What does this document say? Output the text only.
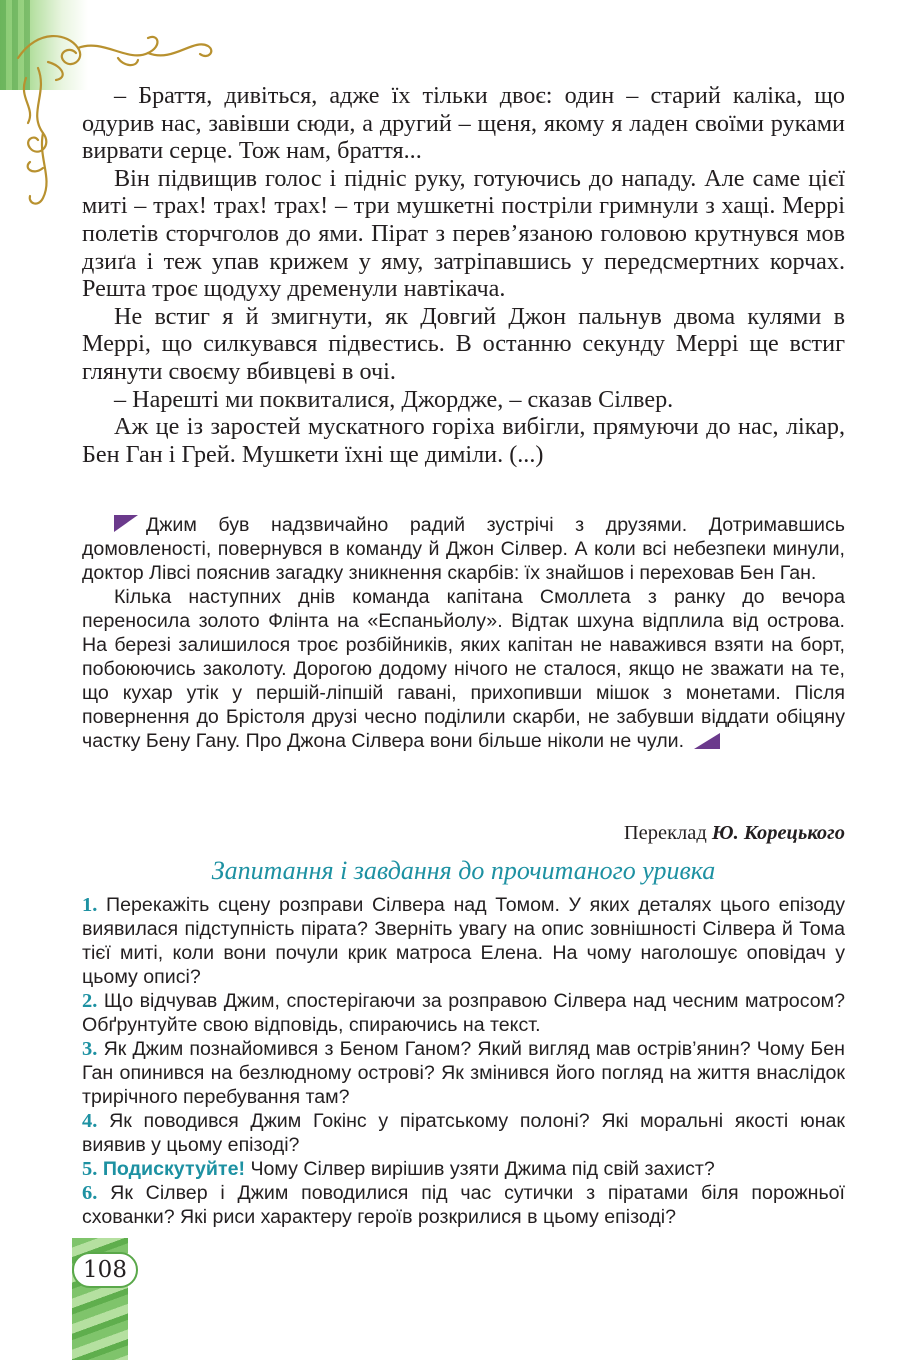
108

– Браття, дивіться, адже їх тільки двоє: один – старий каліка, що одурив нас, завівши сюди, а другий – щеня, якому я ладен своїми руками вирвати серце. Тож нам, браття...

Він підвищив голос і підніс руку, готуючись до нападу. Але саме цієї миті – трах! трах! трах! – три мушкетні постріли гримнули з хащі. Меррі полетів сторчголов до ями. Пірат з перев’язаною головою крутнувся мов дзиґа і теж упав крижем у яму, затріпавшись у передсмертних корчах. Решта троє щодуху дременули навтікача.

Не встиг я й змигнути, як Довгий Джон пальнув двома кулями в Меррі, що силкувався підвестись. В останню секунду Меррі ще встиг глянути своєму вбивцеві в очі.

– Нарешті ми поквиталися, Джордже, – сказав Сілвер.

Аж це із заростей мускатного горіха вибігли, прямуючи до нас, лікар, Бен Ган і Грей. Мушкети їхні ще диміли. (...)

Джим був надзвичайно радий зустрічі з друзями. Дотримавшись домовленості, повернувся в команду й Джон Сілвер. А коли всі небезпеки минули, доктор Лівсі пояснив загадку зникнення скарбів: їх знайшов і переховав Бен Ган.

Кілька наступних днів команда капітана Смоллета з ранку до вечора переносила золото Флінта на «Еспаньйолу». Відтак шхуна відплила від острова. На березі залишилося троє розбійників, яких капітан не наважився взяти на борт, побоюючись заколоту. Дорогою додому нічого не сталося, якщо не зважати на те, що кухар утік у першій-ліпшій гавані, прихопивши мішок з монетами. Після повернення до Брістоля друзі чесно поділили скарби, не забувши віддати обіцяну частку Бену Гану. Про Джона Сілвера вони більше ніколи не чули.

Переклад Ю. Корецького
Запитання і завдання до прочитаного уривка

1. Перекажіть сцену розправи Сілвера над Томом. У яких деталях цього епізоду виявилася підступність пірата? Зверніть увагу на опис зовнішності Сілвера й Тома тієї миті, коли вони почули крик матроса Елена. На чому наголошує оповідач у цьому описі?

2. Що відчував Джим, спостерігаючи за розправою Сілвера над чесним матросом? Обґрунтуйте свою відповідь, спираючись на текст.

3. Як Джим познайомився з Беном Ганом? Який вигляд мав острів’янин? Чому Бен Ган опинився на безлюдному острові? Як змінився його погляд на життя внаслідок трирічного перебування там?

4. Як поводився Джим Гокінс у піратському полоні? Які моральні якості юнак виявив у цьому епізоді?

5. Подискутуйте! Чому Сілвер вирішив узяти Джима під свій захист?

6. Як Сілвер і Джим поводилися під час сутички з піратами біля порожньої схованки? Які риси характеру героїв розкрилися в цьому епізоді?
